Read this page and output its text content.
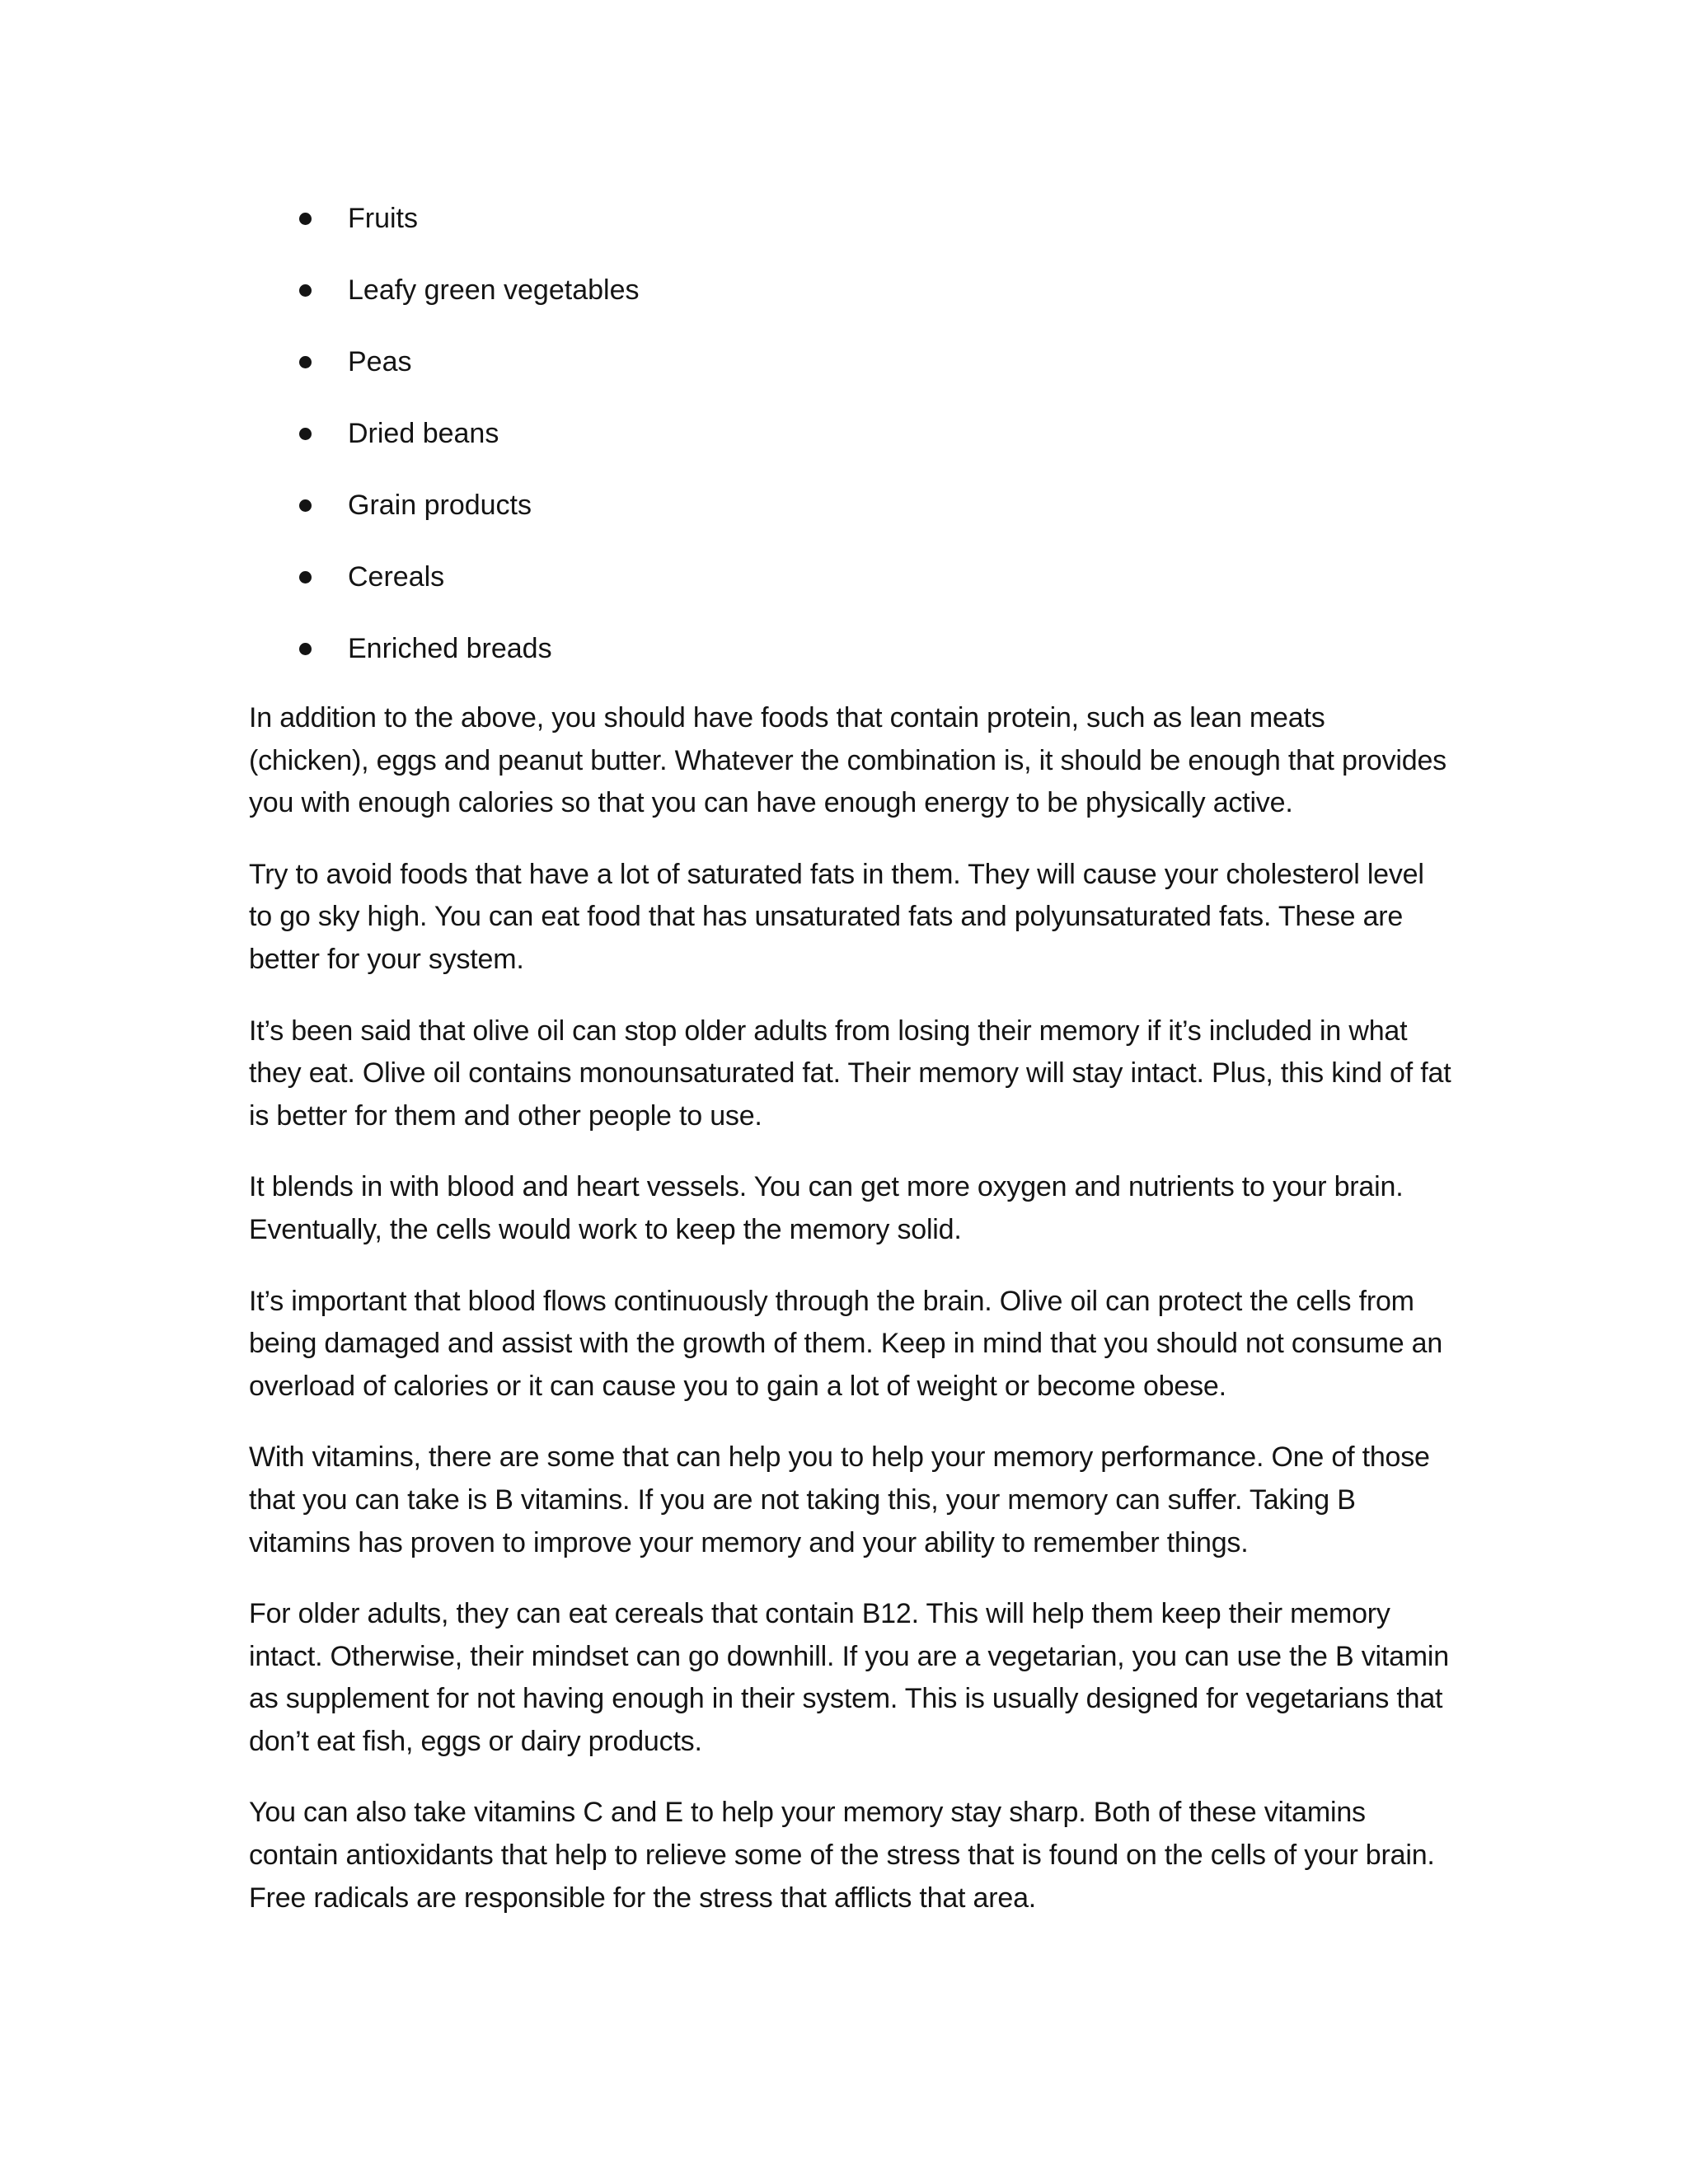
Fruits
Leafy green vegetables
Peas
Dried beans
Grain products
Cereals
Enriched breads

In addition to the above, you should have foods that contain protein, such as lean meats (chicken), eggs and peanut butter. Whatever the combination is, it should be enough that provides you with enough calories so that you can have enough energy to be physically active.

Try to avoid foods that have a lot of saturated fats in them. They will cause your cholesterol level to go sky high. You can eat food that has unsaturated fats and polyunsaturated fats. These are better for your system.

It’s been said that olive oil can stop older adults from losing their memory if it’s included in what they eat. Olive oil contains monounsaturated fat. Their memory will stay intact. Plus, this kind of fat is better for them and other people to use.

It blends in with blood and heart vessels. You can get more oxygen and nutrients to your brain. Eventually, the cells would work to keep the memory solid.

It’s important that blood flows continuously through the brain. Olive oil can protect the cells from being damaged and assist with the growth of them. Keep in mind that you should not consume an overload of calories or it can cause you to gain a lot of weight or become obese.

With vitamins, there are some that can help you to help your memory performance. One of those that you can take is B vitamins. If you are not taking this, your memory can suffer. Taking B vitamins has proven to improve your memory and your ability to remember things.

For older adults, they can eat cereals that contain B12. This will help them keep their memory intact. Otherwise, their mindset can go downhill. If you are a vegetarian, you can use the B vitamin as supplement for not having enough in their system. This is usually designed for vegetarians that don’t eat fish, eggs or dairy products.

You can also take vitamins C and E to help your memory stay sharp. Both of these vitamins contain antioxidants that help to relieve some of the stress that is found on the cells of your brain. Free radicals are responsible for the stress that afflicts that area.
